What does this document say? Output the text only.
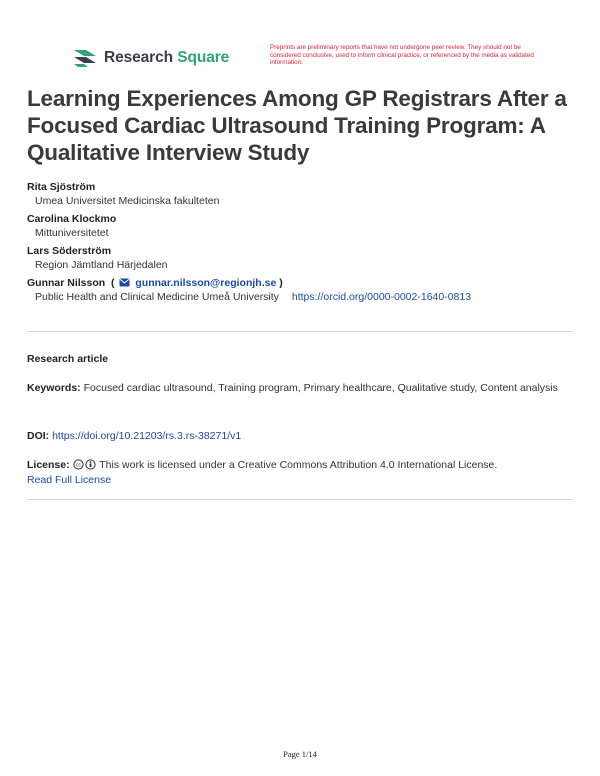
Research Square
Preprints are preliminary reports that have not undergone peer review. They should not be considered conclusive, used to inform clinical practice, or referenced by the media as validated information.
Learning Experiences Among GP Registrars After a Focused Cardiac Ultrasound Training Program: A Qualitative Interview Study
Rita Sjöström
Umea Universitet Medicinska fakulteten
Carolina Klockmo
Mittuniversitetet
Lars Söderström
Region Jämtland Härjedalen
Gunnar Nilsson ( gunnar.nilsson@regionjh.se )
Public Health and Clinical Medicine Umeå University https://orcid.org/0000-0002-1640-0813
Research article
Keywords: Focused cardiac ultrasound, Training program, Primary healthcare, Qualitative study, Content analysis
DOI: https://doi.org/10.21203/rs.3.rs-38271/v1
License: cc This work is licensed under a Creative Commons Attribution 4.0 International License.
Read Full License
Page 1/14
